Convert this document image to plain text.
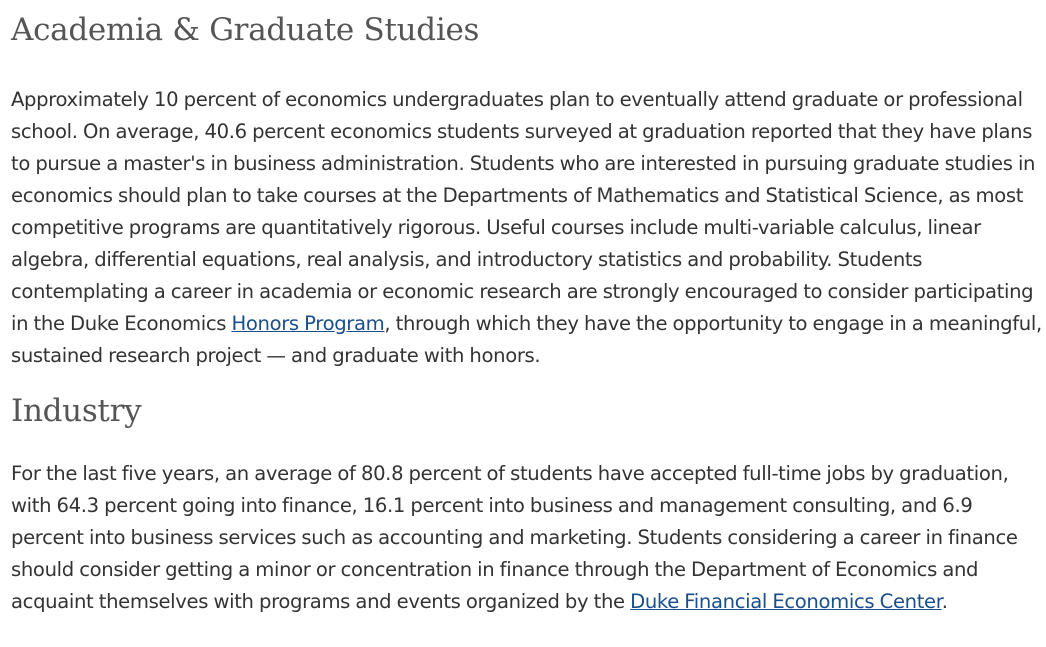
Academia & Graduate Studies

Approximately 10 percent of economics undergraduates plan to eventually attend graduate or professional school. On average, 40.6 percent economics students surveyed at graduation reported that they have plans to pursue a master's in business administration. Students who are interested in pursuing graduate studies in economics should plan to take courses at the Departments of Mathematics and Statistical Science, as most competitive programs are quantitatively rigorous. Useful courses include multi-variable calculus, linear algebra, differential equations, real analysis, and introductory statistics and probability. Students contemplating a career in academia or economic research are strongly encouraged to consider participating in the Duke Economics Honors Program, through which they have the opportunity to engage in a meaningful, sustained research project — and graduate with honors.

Industry

For the last five years, an average of 80.8 percent of students have accepted full-time jobs by graduation, with 64.3 percent going into finance, 16.1 percent into business and management consulting, and 6.9 percent into business services such as accounting and marketing. Students considering a career in finance should consider getting a minor or concentration in finance through the Department of Economics and acquaint themselves with programs and events organized by the Duke Financial Economics Center.
